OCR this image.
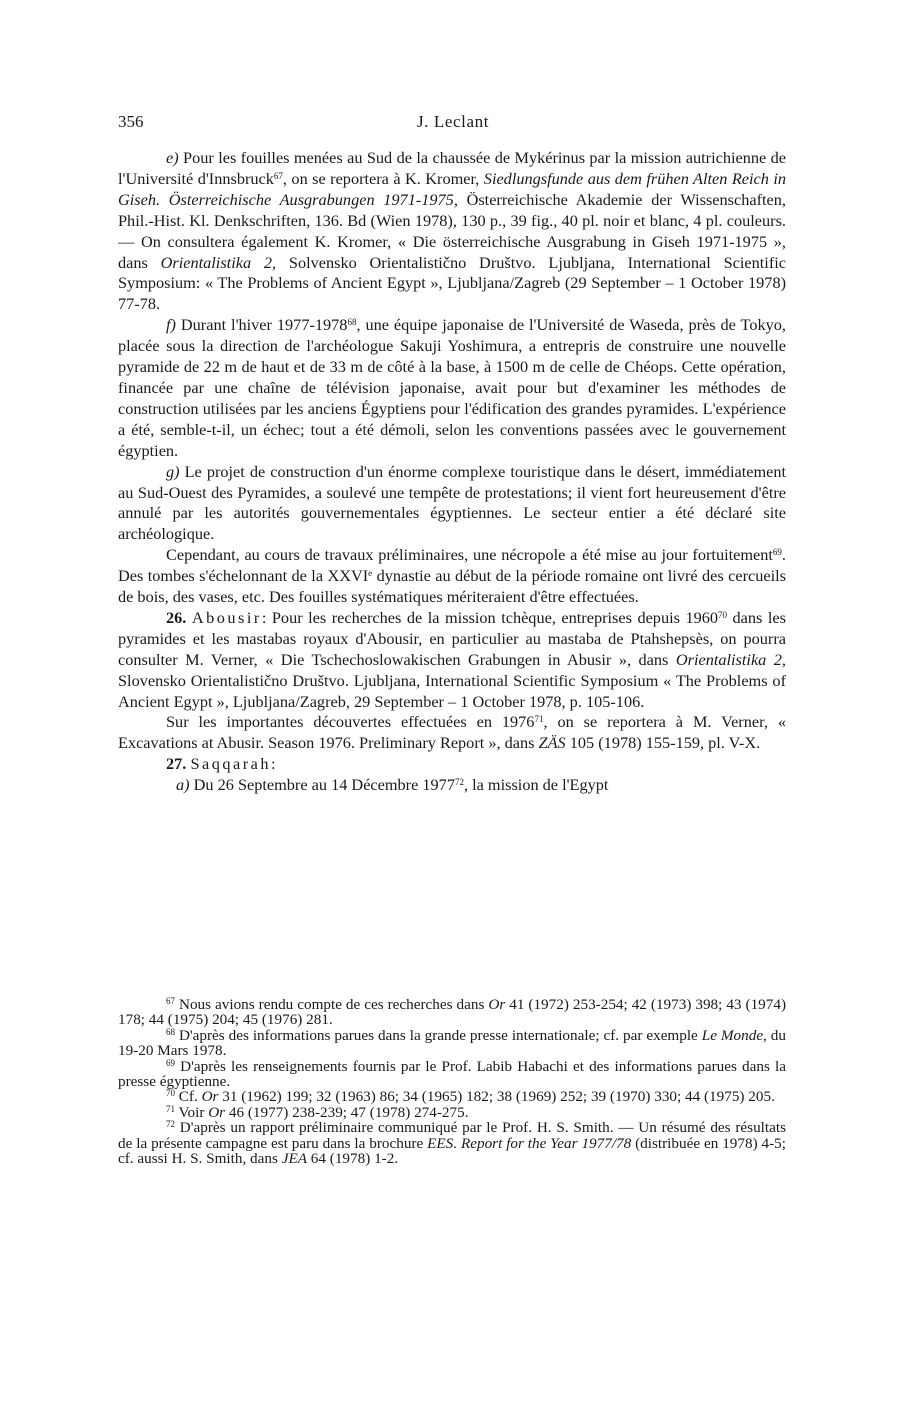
356	J. Leclant

e) Pour les fouilles menées au Sud de la chaussée de Mykérinus par la mission autrichienne de l'Université d'Innsbruck$^{67}$, on se reportera à K. Kromer, Siedlungsfunde aus dem frühen Alten Reich in Giseh. Österreichische Ausgrabungen 1971-1975, Österreichische Akademie der Wissenschaften, Phil.-Hist. Kl. Denkschriften, 136. Bd (Wien 1978), 130 p., 39 fig., 40 pl. noir et blanc, 4 pl. couleurs. — On consultera également K. Kromer, « Die österreichische Ausgrabung in Giseh 1971-1975 », dans Orientalistika 2, Solvensko Orientalistično Društvo. Ljubljana, International Scientific Symposium: « The Problems of Ancient Egypt », Ljubljana/Zagreb (29 September – 1 October 1978) 77-78.

f) Durant l'hiver 1977-1978$^{68}$, une équipe japonaise de l'Université de Waseda, près de Tokyo, placée sous la direction de l'archéologue Sakuji Yoshimura, a entrepris de construire une nouvelle pyramide de 22 m de haut et de 33 m de côté à la base, à 1500 m de celle de Chéops. Cette opération, financée par une chaîne de télévision japonaise, avait pour but d'examiner les méthodes de construction utilisées par les anciens Égyptiens pour l'édification des grandes pyramides. L'expérience a été, semble-t-il, un échec; tout a été démoli, selon les conventions passées avec le gouvernement égyptien.

g) Le projet de construction d'un énorme complexe touristique dans le désert, immédiatement au Sud-Ouest des Pyramides, a soulevé une tempête de protestations; il vient fort heureusement d'être annulé par les autorités gouvernementales égyptiennes. Le secteur entier a été déclaré site archéologique.

Cependant, au cours de travaux préliminaires, une nécropole a été mise au jour fortuitement$^{69}$. Des tombes s'échelonnant de la XXVIe dynastie au début de la période romaine ont livré des cercueils de bois, des vases, etc. Des fouilles systématiques mériteraient d'être effectuées.

26. Abousir: Pour les recherches de la mission tchèque, entreprises depuis 1960$^{70}$ dans les pyramides et les mastabas royaux d'Abousir, en particulier au mastaba de Ptahshepsès, on pourra consulter M. Verner, « Die Tschechoslowakischen Grabungen in Abusir », dans Orientalistika 2, Slovensko Orientalistično Društvo. Ljubljana, International Scientific Symposium « The Problems of Ancient Egypt », Ljubljana/Zagreb, 29 September – 1 October 1978, p. 105-106.

Sur les importantes découvertes effectuées en 1976$^{71}$, on se reportera à M. Verner, « Excavations at Abusir. Season 1976. Preliminary Report », dans ZÄS 105 (1978) 155-159, pl. V-X.

27. Saqqarah:

a) Du 26 Septembre au 14 Décembre 1977$^{72}$, la mission de l'Egypt

$^{67}$ Nous avions rendu compte de ces recherches dans Or 41 (1972) 253-254; 42 (1973) 398; 43 (1974) 178; 44 (1975) 204; 45 (1976) 281.

$^{68}$ D'après des informations parues dans la grande presse internationale; cf. par exemple Le Monde, du 19-20 Mars 1978.

$^{69}$ D'après les renseignements fournis par le Prof. Labib Habachi et des informations parues dans la presse égyptienne.

$^{70}$ Cf. Or 31 (1962) 199; 32 (1963) 86; 34 (1965) 182; 38 (1969) 252; 39 (1970) 330; 44 (1975) 205.

$^{71}$ Voir Or 46 (1977) 238-239; 47 (1978) 274-275.

$^{72}$ D'après un rapport préliminaire communiqué par le Prof. H. S. Smith. — Un résumé des résultats de la présente campagne est paru dans la brochure EES. Report for the Year 1977/78 (distribuée en 1978) 4-5; cf. aussi H. S. Smith, dans JEA 64 (1978) 1-2.
